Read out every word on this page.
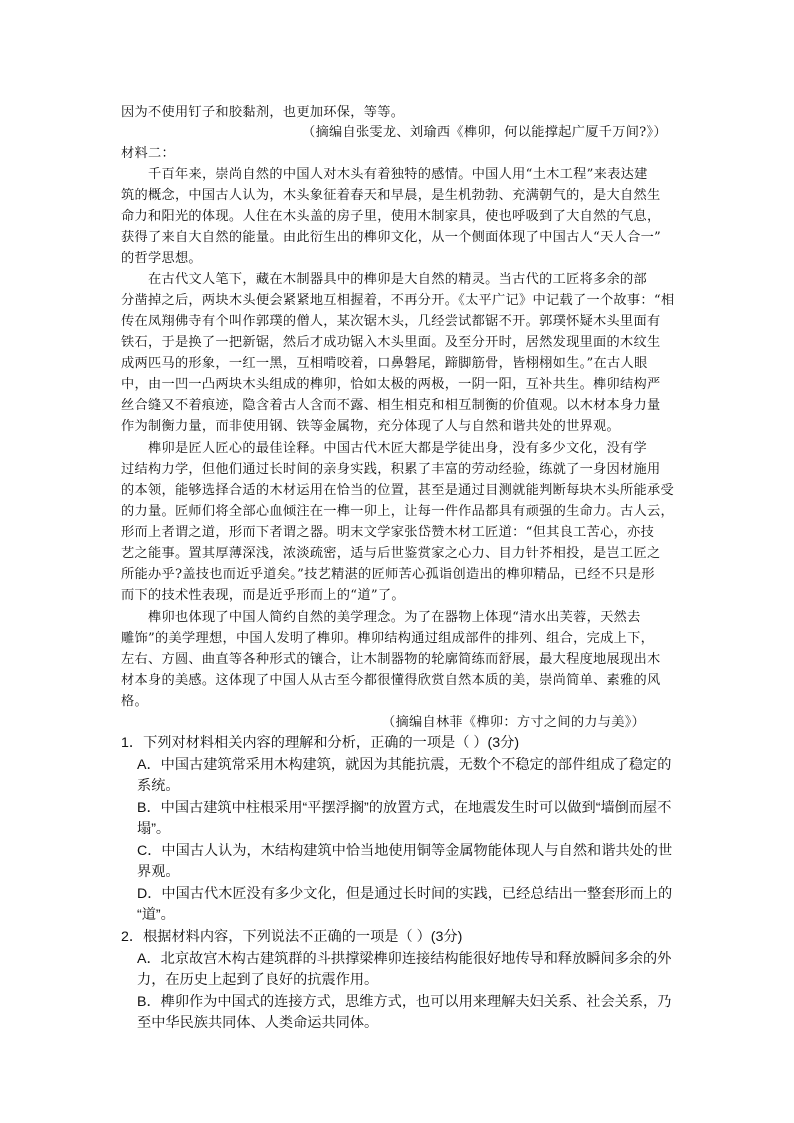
因为不使用钉子和胶黏剂，也更加环保，等等。
（摘编自张雯龙、刘瑜西《榫卯，何以能撑起广厦千万间?》）
材料二：
千百年来，崇尚自然的中国人对木头有着独特的感情。中国人用“土木工程”来表达建
筑的概念，中国古人认为，木头象征着春天和早晨，是生机勃勃、充满朝气的，是大自然生
命力和阳光的体现。人住在木头盖的房子里，使用木制家具，使也呼吸到了大自然的气息，
获得了来自大自然的能量。由此衍生出的榫卯文化，从一个侧面体现了中国古人“天人合一”
的哲学思想。
在古代文人笔下，藏在木制器具中的榫卯是大自然的精灵。当古代的工匠将多余的部
分凿掉之后，两块木头便会紧紧地互相握着，不再分开。《太平广记》中记载了一个故事：“相
传在凤翔佛寺有个叫作郭璞的僧人，某次锯木头，几经尝试都锯不开。郭璞怀疑木头里面有
铁石，于是换了一把新锯，然后才成功锯入木头里面。及至分开时，居然发现里面的木纹生
成两匹马的形象，一红一黑，互相啃咬着，口鼻磐尾，蹄脚筋骨，皆栩栩如生。”在古人眼
中，由一凹一凸两块木头组成的榫卯，恰如太极的两极，一阴一阳，互补共生。榫卯结构严
丝合缝又不着痕迹，隐含着古人含而不露、相生相克和相互制衡的价值观。以木材本身力量
作为制衡力量，而非使用钢、铁等金属物，充分体现了人与自然和谐共处的世界观。
榫卯是匠人匠心的最佳诠释。中国古代木匠大都是学徒出身，没有多少文化，没有学
过结构力学，但他们通过长时间的亲身实践，积累了丰富的劳动经验，练就了一身因材施用
的本领，能够选择合适的木材运用在恰当的位置，甚至是通过目测就能判断每块木头所能承受
的力量。匠师们将全部心血倾注在一榫一卯上，让每一件作品都具有顽强的生命力。古人云，
形而上者谓之道，形而下者谓之器。明末文学家张岱赞木材工匠道：“但其良工苦心，亦技
艺之能事。置其厚薄深浅，浓淡疏密，适与后世鉴赏家之心力、目力针芥相投，是岂工匠之
所能办乎?盖技也而近乎道矣。”技艺精湛的匠师苦心孤诣创造出的榫卯精品，已经不只是形
而下的技术性表现，而是近乎形而上的“道”了。
榫卯也体现了中国人简约自然的美学理念。为了在器物上体现“清水出芙蓉，天然去
雕饰”的美学理想，中国人发明了榫卯。榫卯结构通过组成部件的排列、组合，完成上下，
左右、方圆、曲直等各种形式的镶合，让木制器物的轮廓简练而舒展，最大程度地展现出木
材本身的美感。这体现了中国人从古至今都很懂得欣赏自然本质的美，崇尚简单、素雅的风
格。
（摘编自林菲《榫卯：方寸之间的力与美》）
1．下列对材料相关内容的理解和分析，正确的一项是（ ）(3分)
A．中国古建筑常采用木构建筑，就因为其能抗震，无数个不稳定的部件组成了稳定的
系统。
B．中国古建筑中柱根采用“平摆浮搁”的放置方式，在地震发生时可以做到“墙倒而屋不
塌”。
C．中国古人认为，木结构建筑中恰当地使用铜等金属物能体现人与自然和谐共处的世
界观。
D．中国古代木匠没有多少文化，但是通过长时间的实践，已经总结出一整套形而上的
“道”。
2．根据材料内容，下列说法不正确的一项是（ ）(3分)
A．北京故宫木构古建筑群的斗拱撑梁榫卯连接结构能很好地传导和释放瞬间多余的外
力，在历史上起到了良好的抗震作用。
B．榫卯作为中国式的连接方式，思维方式，也可以用来理解夫妇关系、社会关系，乃
至中华民族共同体、人类命运共同体。
